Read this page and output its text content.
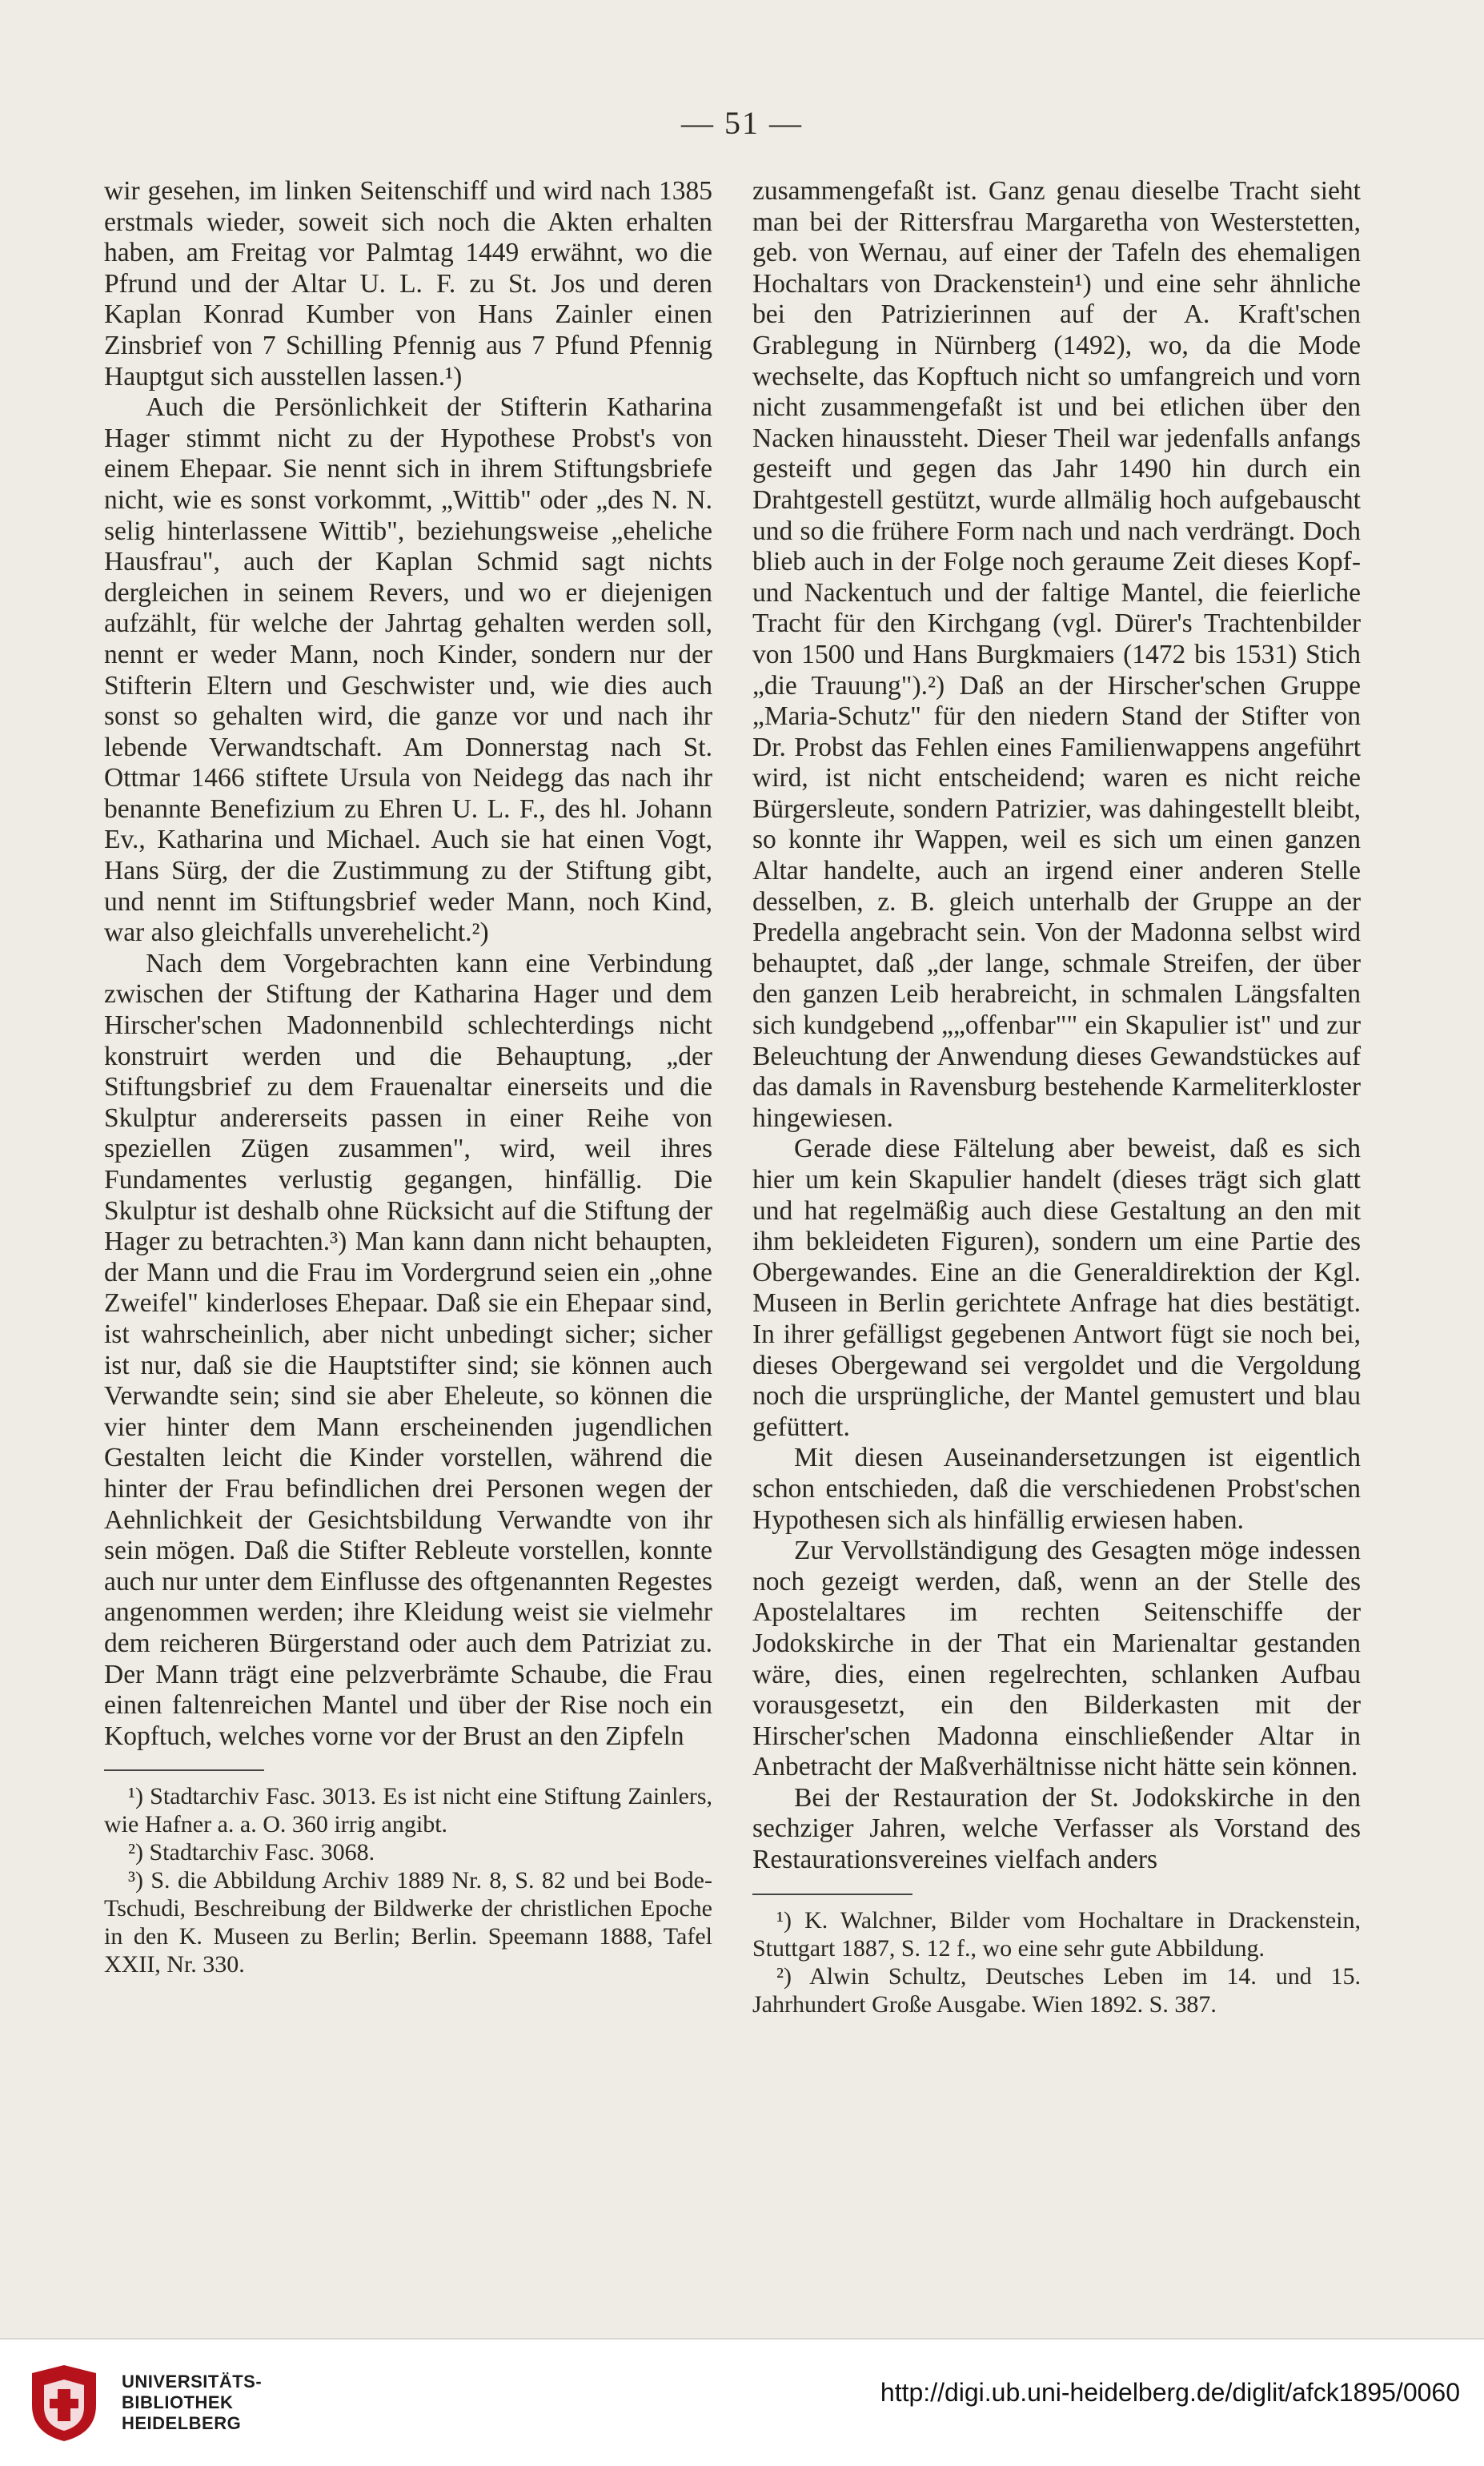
— 51 —

wir gesehen, im linken Seitenschiff und wird nach 1385 erstmals wieder, soweit sich noch die Akten erhalten haben, am Freitag vor Palmtag 1449 erwähnt, wo die Pfrund und der Altar U. L. F. zu St. Jos und deren Kaplan Konrad Kumber von Hans Zainler einen Zinsbrief von 7 Schilling Pfennig aus 7 Pfund Pfennig Hauptgut sich ausstellen lassen.¹)

Auch die Persönlichkeit der Stifterin Katharina Hager stimmt nicht zu der Hypothese Probst's von einem Ehepaar. Sie nennt sich in ihrem Stiftungsbriefe nicht, wie es sonst vorkommt, „Wittib" oder „des N. N. selig hinterlassene Wittib", beziehungsweise „eheliche Hausfrau", auch der Kaplan Schmid sagt nichts dergleichen in seinem Revers, und wo er diejenigen aufzählt, für welche der Jahrtag gehalten werden soll, nennt er weder Mann, noch Kinder, sondern nur der Stifterin Eltern und Geschwister und, wie dies auch sonst so gehalten wird, die ganze vor und nach ihr lebende Verwandtschaft. Am Donnerstag nach St. Ottmar 1466 stiftete Ursula von Neidegg das nach ihr benannte Benefizium zu Ehren U. L. F., des hl. Johann Ev., Katharina und Michael. Auch sie hat einen Vogt, Hans Sürg, der die Zustimmung zu der Stiftung gibt, und nennt im Stiftungsbrief weder Mann, noch Kind, war also gleichfalls unverehelicht.²)

Nach dem Vorgebrachten kann eine Verbindung zwischen der Stiftung der Katharina Hager und dem Hirscher'schen Madonnenbild schlechterdings nicht konstruirt werden und die Behauptung, „der Stiftungsbrief zu dem Frauenaltar einerseits und die Skulptur andererseits passen in einer Reihe von speziellen Zügen zusammen", wird, weil ihres Fundamentes verlustig gegangen, hinfällig. Die Skulptur ist deshalb ohne Rücksicht auf die Stiftung der Hager zu betrachten.³) Man kann dann nicht behaupten, der Mann und die Frau im Vordergrund seien ein „ohne Zweifel" kinderloses Ehepaar. Daß sie ein Ehepaar sind, ist wahrscheinlich, aber nicht unbedingt sicher; sicher ist nur, daß sie die Hauptstifter sind; sie können auch Verwandte sein; sind sie aber Eheleute, so können die vier hinter dem Mann erscheinenden jugendlichen Gestalten leicht die Kinder vorstellen, während die hinter der Frau befindlichen drei Personen wegen der Aehnlichkeit der Gesichtsbildung Verwandte von ihr sein mögen. Daß die Stifter Rebleute vorstellen, konnte auch nur unter dem Einflusse des oftgenannten Regestes angenommen werden; ihre Kleidung weist sie vielmehr dem reicheren Bürgerstand oder auch dem Patriziat zu. Der Mann trägt eine pelzverbrämte Schaube, die Frau einen faltenreichen Mantel und über der Rise noch ein Kopftuch, welches vorne vor der Brust an den Zipfeln

¹) Stadtarchiv Fasc. 3013. Es ist nicht eine Stiftung Zainlers, wie Hafner a. a. O. 360 irrig angibt.

²) Stadtarchiv Fasc. 3068.

³) S. die Abbildung Archiv 1889 Nr. 8, S. 82 und bei Bode-Tschudi, Beschreibung der Bildwerke der christlichen Epoche in den K. Museen zu Berlin; Berlin. Speemann 1888, Tafel XXII, Nr. 330.

zusammengefaßt ist. Ganz genau dieselbe Tracht sieht man bei der Rittersfrau Margaretha von Westerstetten, geb. von Wernau, auf einer der Tafeln des ehemaligen Hochaltars von Drackenstein¹) und eine sehr ähnliche bei den Patrizierinnen auf der A. Kraft'schen Grablegung in Nürnberg (1492), wo, da die Mode wechselte, das Kopftuch nicht so umfangreich und vorn nicht zusammengefaßt ist und bei etlichen über den Nacken hinaussteht. Dieser Theil war jedenfalls anfangs gesteift und gegen das Jahr 1490 hin durch ein Drahtgestell gestützt, wurde allmälig hoch aufgebauscht und so die frühere Form nach und nach verdrängt. Doch blieb auch in der Folge noch geraume Zeit dieses Kopf- und Nackentuch und der faltige Mantel, die feierliche Tracht für den Kirchgang (vgl. Dürer's Trachtenbilder von 1500 und Hans Burgkmaiers (1472 bis 1531) Stich „die Trauung").²) Daß an der Hirscher'schen Gruppe „Maria-Schutz" für den niedern Stand der Stifter von Dr. Probst das Fehlen eines Familienwappens angeführt wird, ist nicht entscheidend; waren es nicht reiche Bürgersleute, sondern Patrizier, was dahingestellt bleibt, so konnte ihr Wappen, weil es sich um einen ganzen Altar handelte, auch an irgend einer anderen Stelle desselben, z. B. gleich unterhalb der Gruppe an der Predella angebracht sein. Von der Madonna selbst wird behauptet, daß „der lange, schmale Streifen, der über den ganzen Leib herabreicht, in schmalen Längsfalten sich kundgebend „„offenbar"" ein Skapulier ist" und zur Beleuchtung der Anwendung dieses Gewandstückes auf das damals in Ravensburg bestehende Karmeliterkloster hingewiesen.

Gerade diese Fältelung aber beweist, daß es sich hier um kein Skapulier handelt (dieses trägt sich glatt und hat regelmäßig auch diese Gestaltung an den mit ihm bekleideten Figuren), sondern um eine Partie des Obergewandes. Eine an die Generaldirektion der Kgl. Museen in Berlin gerichtete Anfrage hat dies bestätigt. In ihrer gefälligst gegebenen Antwort fügt sie noch bei, dieses Obergewand sei vergoldet und die Vergoldung noch die ursprüngliche, der Mantel gemustert und blau gefüttert.

Mit diesen Auseinandersetzungen ist eigentlich schon entschieden, daß die verschiedenen Probst'schen Hypothesen sich als hinfällig erwiesen haben.

Zur Vervollständigung des Gesagten möge indessen noch gezeigt werden, daß, wenn an der Stelle des Apostelaltares im rechten Seitenschiffe der Jodokskirche in der That ein Marienaltar gestanden wäre, dies, einen regelrechten, schlanken Aufbau vorausgesetzt, ein den Bilderkasten mit der Hirscher'schen Madonna einschließender Altar in Anbetracht der Maßverhältnisse nicht hätte sein können.

Bei der Restauration der St. Jodokskirche in den sechziger Jahren, welche Verfasser als Vorstand des Restaurationsvereines vielfach anders

¹) K. Walchner, Bilder vom Hochaltare in Drackenstein, Stuttgart 1887, S. 12 f., wo eine sehr gute Abbildung.

²) Alwin Schultz, Deutsches Leben im 14. und 15. Jahrhundert Große Ausgabe. Wien 1892. S. 387.

UNIVERSITÄTS-
BIBLIOTHEK
HEIDELBERG
http://digi.ub.uni-heidelberg.de/diglit/afck1895/0060
